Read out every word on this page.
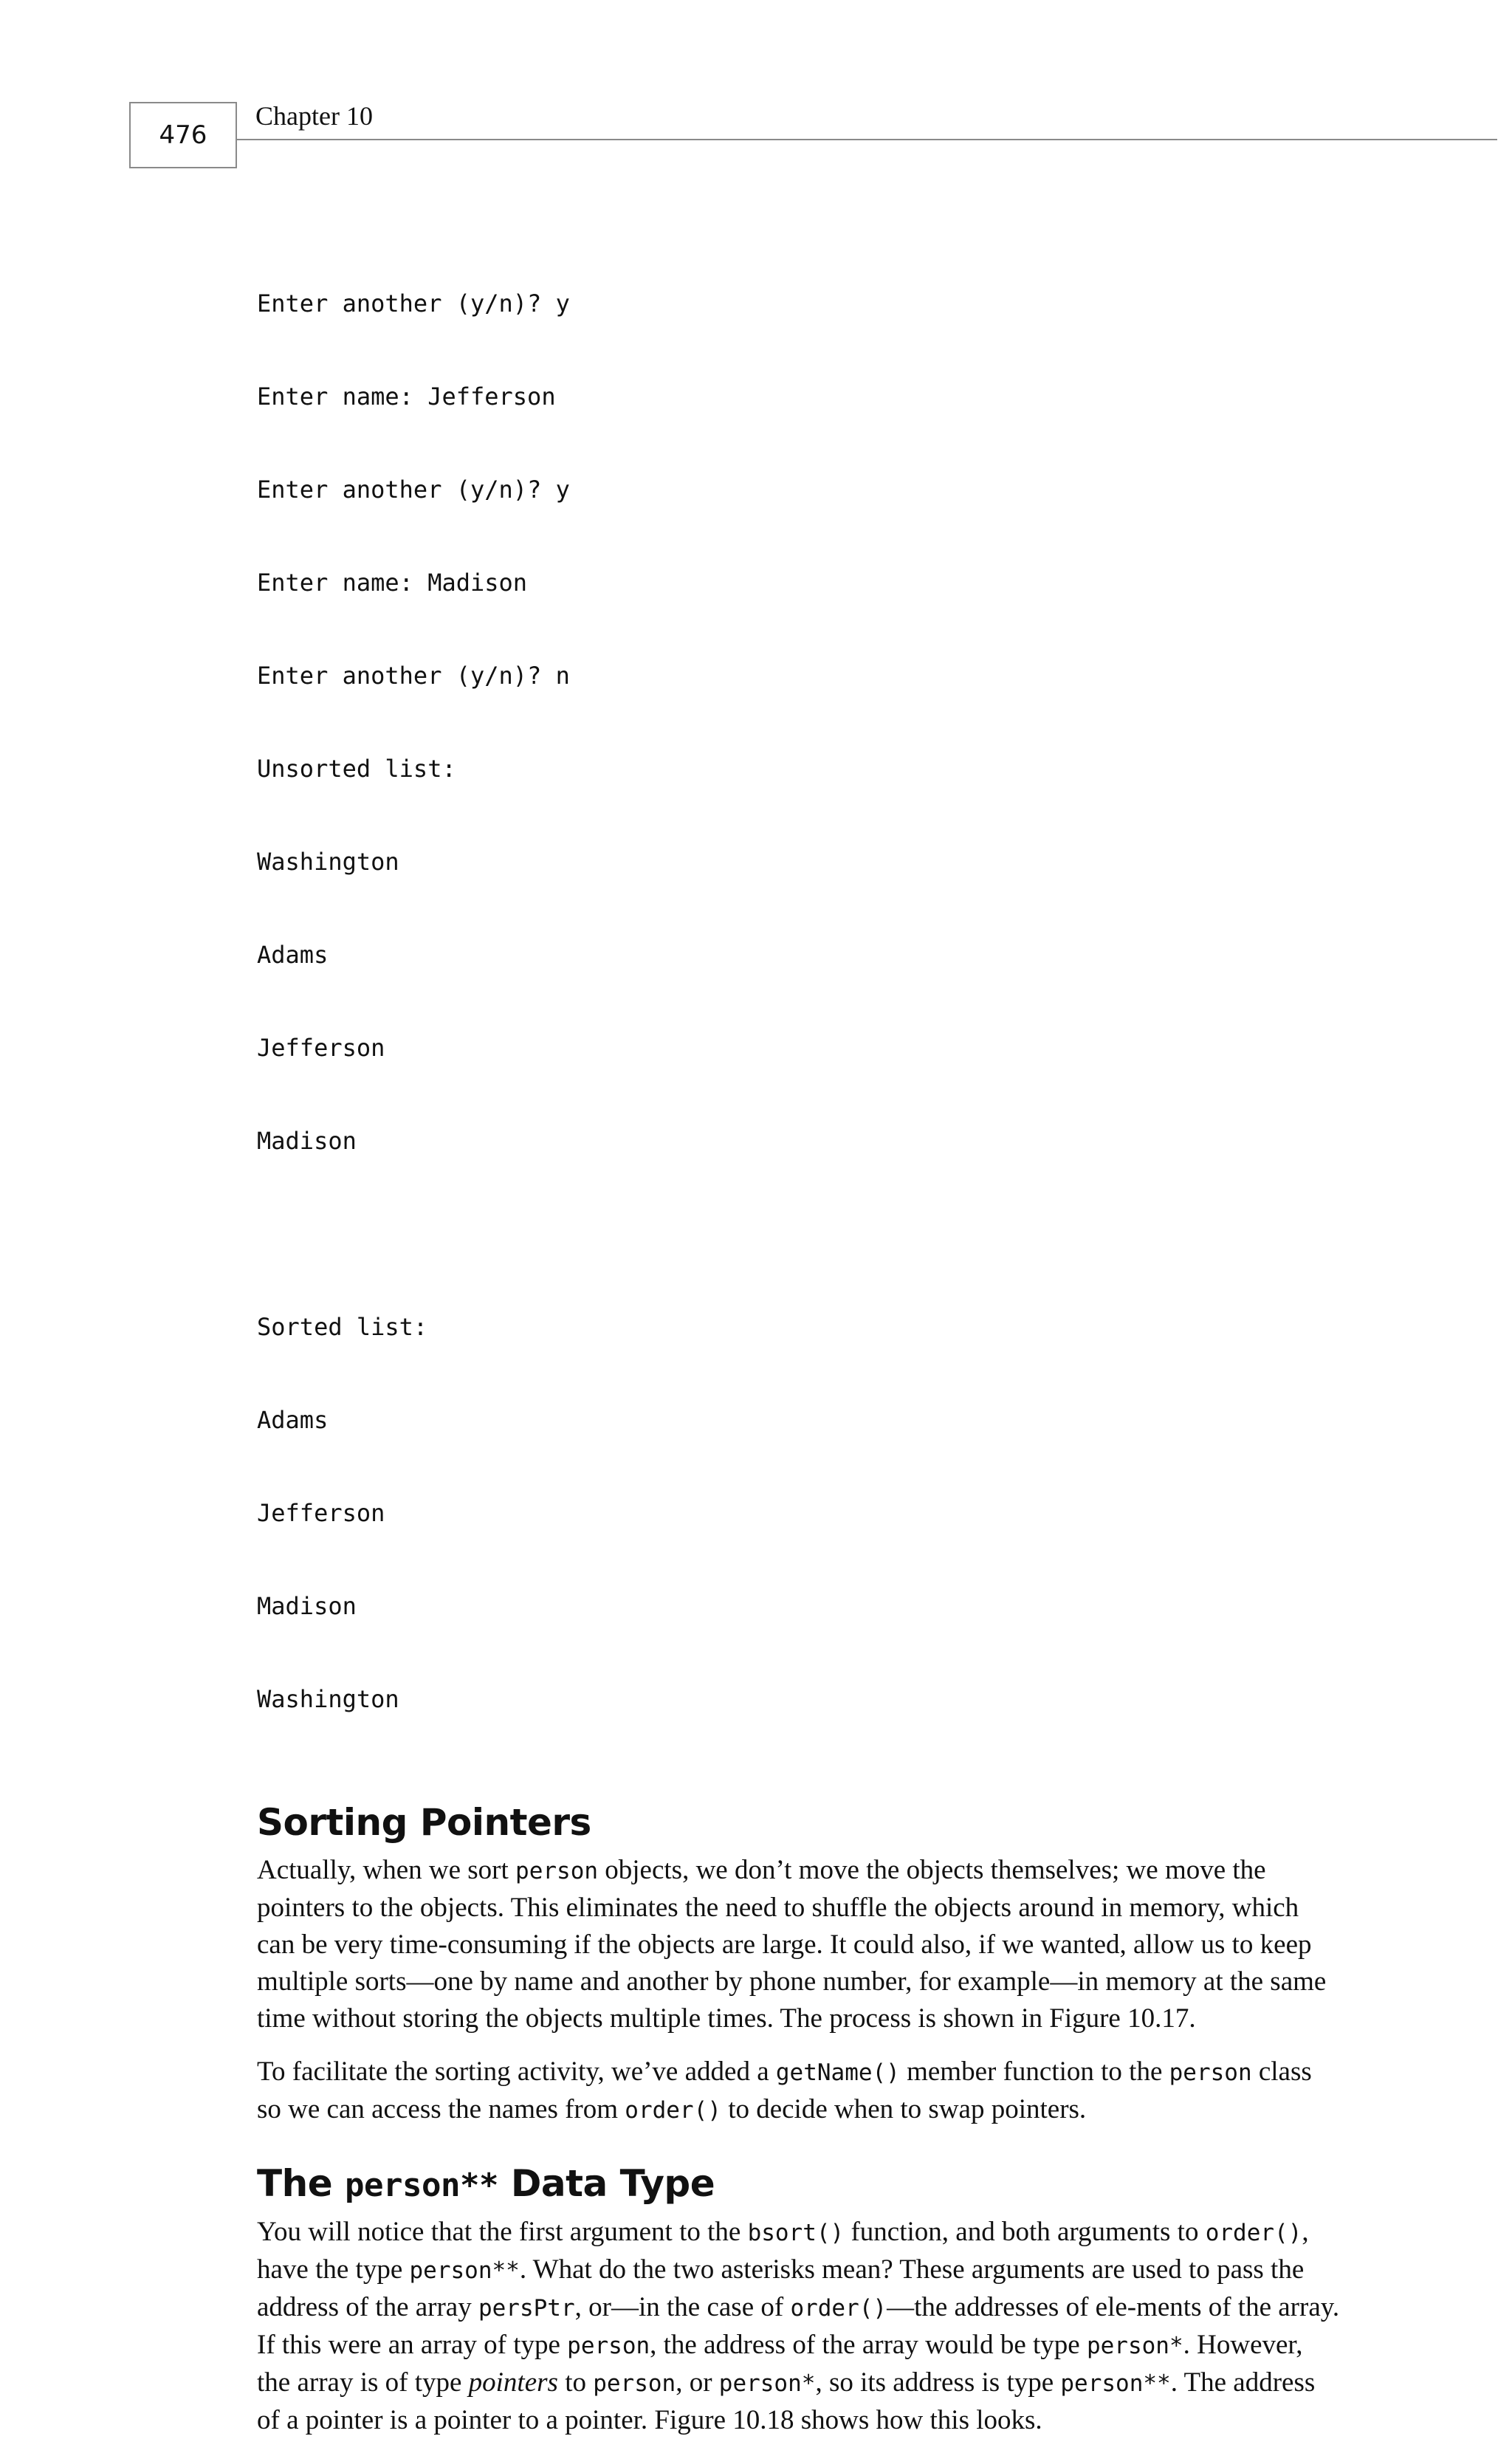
476
Chapter 10

Enter another (y/n)? y

Enter name: Jefferson

Enter another (y/n)? y

Enter name: Madison

Enter another (y/n)? n

Unsorted list:

Washington

Adams

Jefferson

Madison

Sorted list:

Adams

Jefferson

Madison

Washington

Sorting Pointers

Actually, when we sort person objects, we don’t move the objects themselves; we move the pointers to the objects. This eliminates the need to shuffle the objects around in memory, which can be very time-consuming if the objects are large. It could also, if we wanted, allow us to keep multiple sorts—one by name and another by phone number, for example—in memory at the same time without storing the objects multiple times. The process is shown in Figure 10.17.

To facilitate the sorting activity, we’ve added a getName() member function to the person class so we can access the names from order() to decide when to swap pointers.

The person** Data Type

You will notice that the first argument to the bsort() function, and both arguments to order(), have the type person**. What do the two asterisks mean? These arguments are used to pass the address of the array persPtr, or—in the case of order()—the addresses of ele-ments of the array. If this were an array of type person, the address of the array would be type person*. However, the array is of type pointers to person, or person*, so its address is type person**. The address of a pointer is a pointer to a pointer. Figure 10.18 shows how this looks.
